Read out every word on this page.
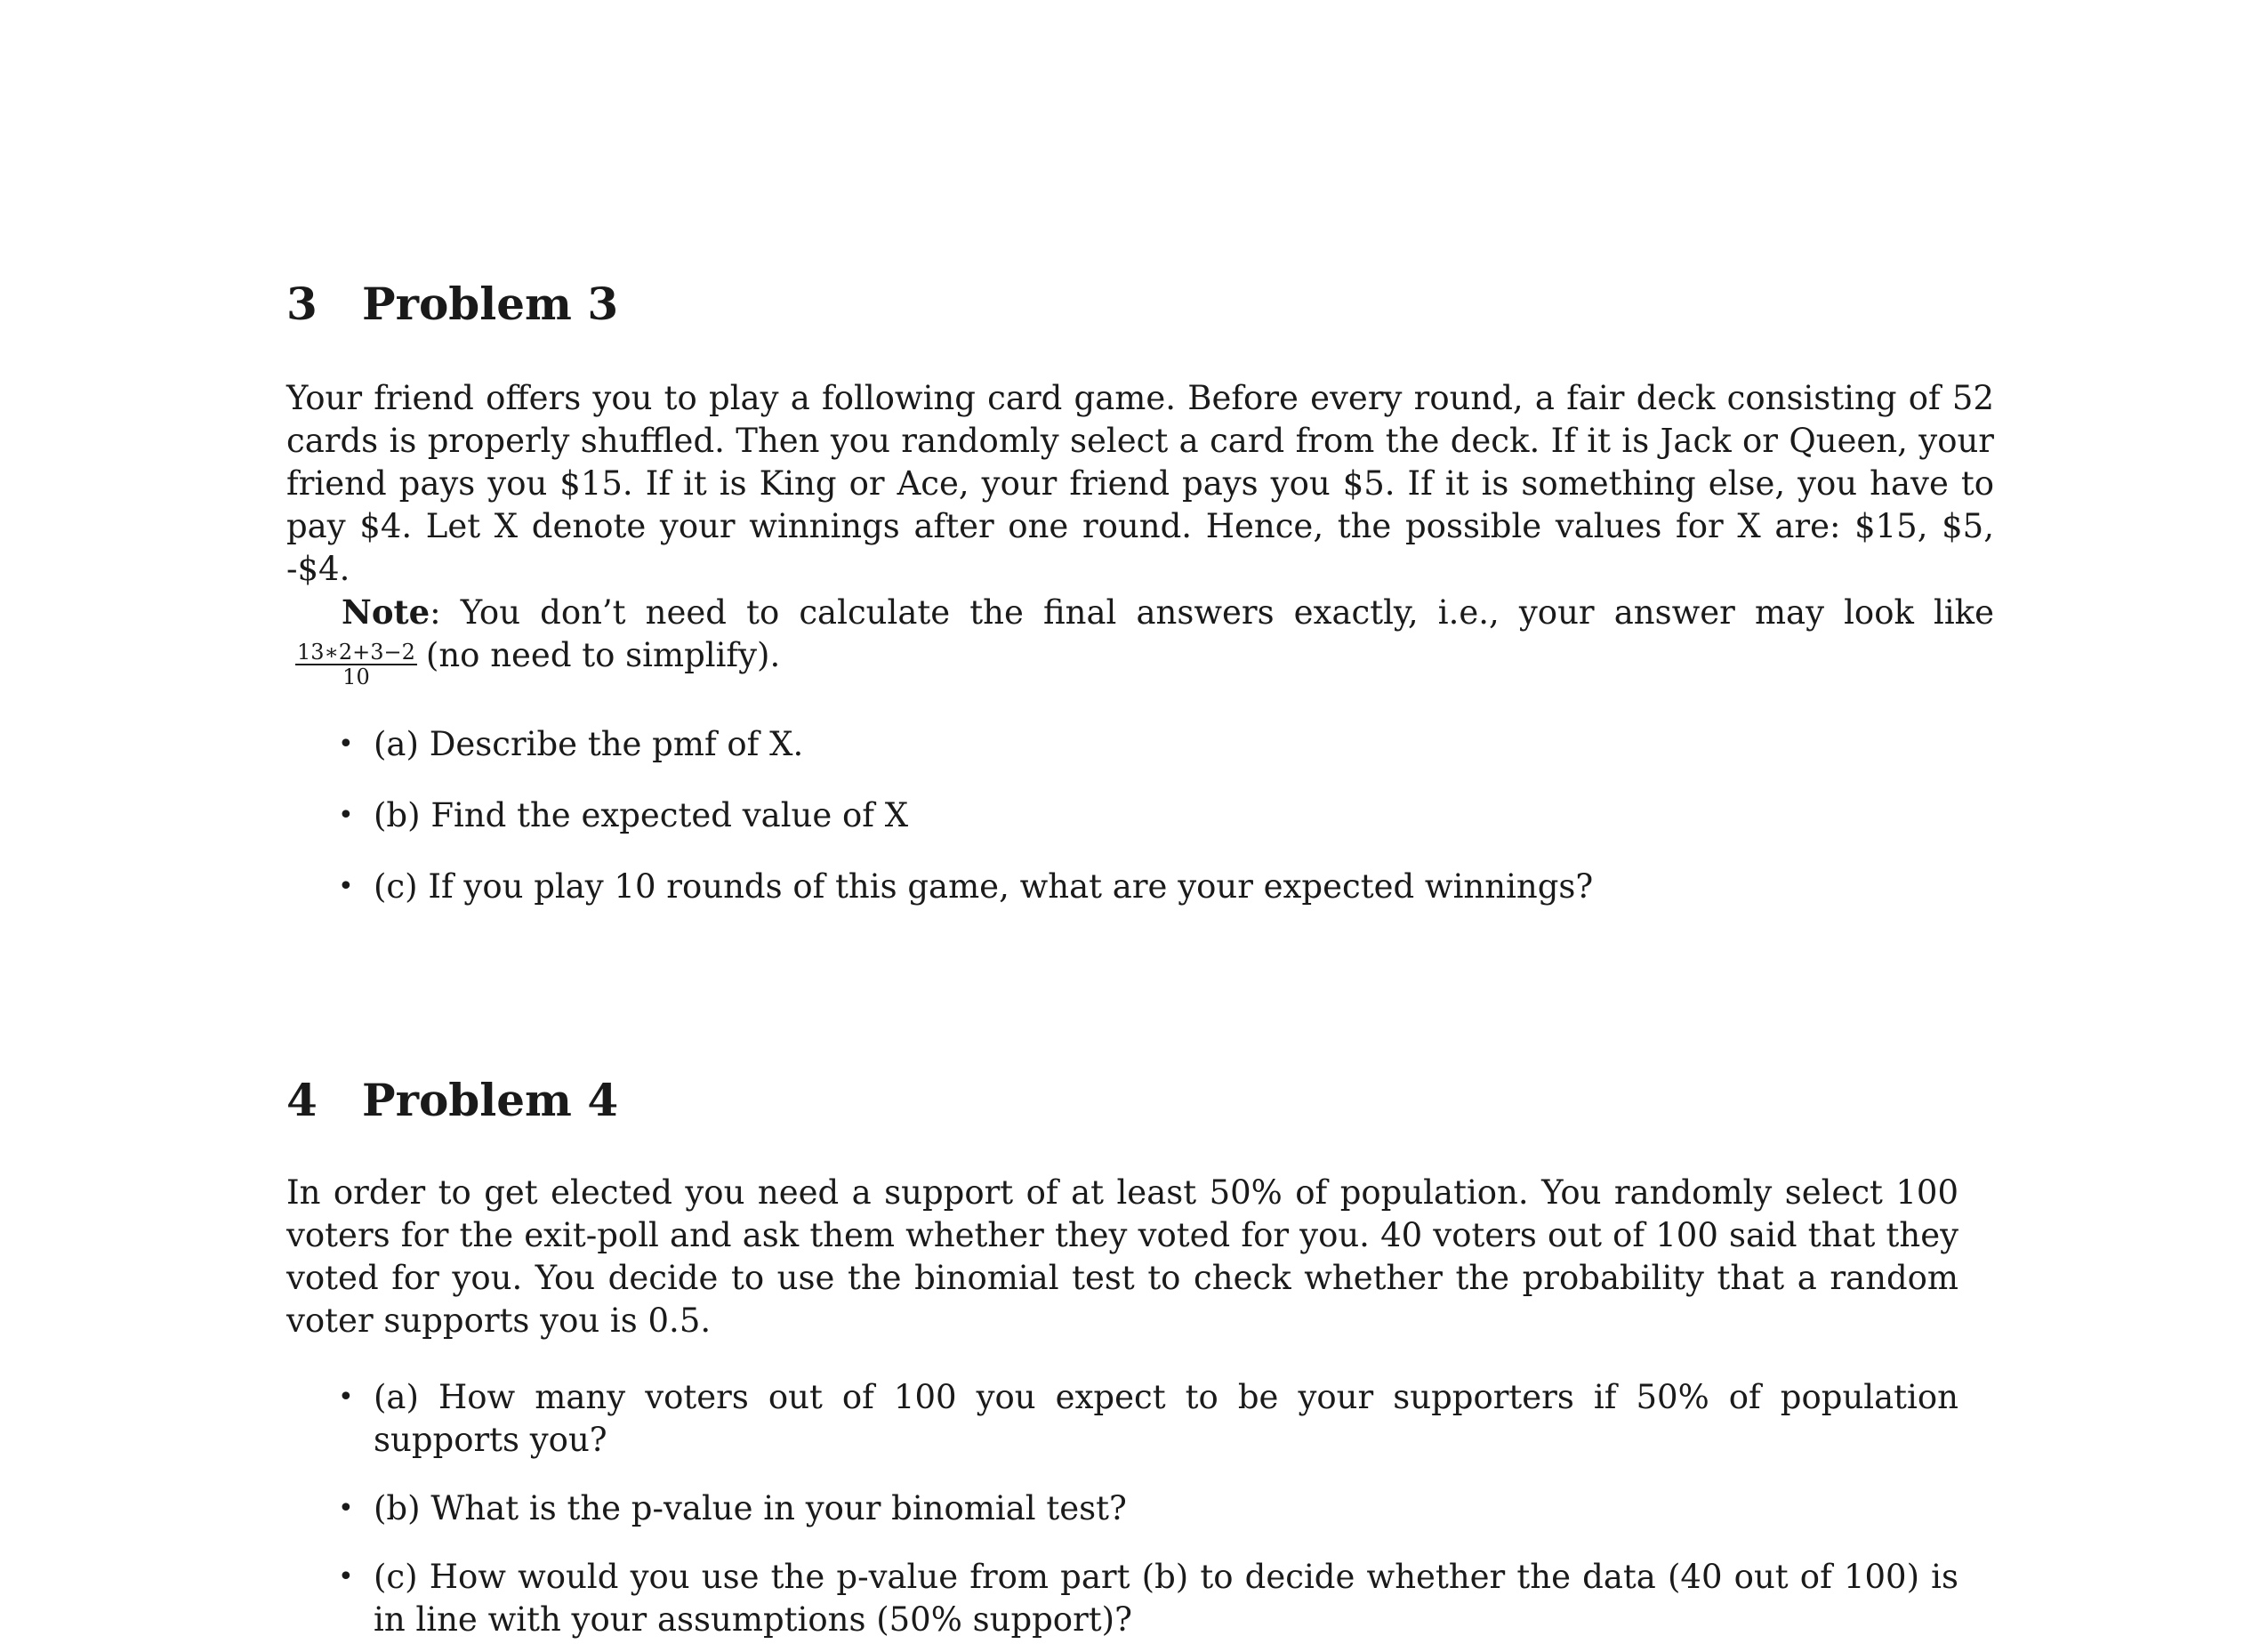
3	Problem 3

Your friend offers you to play a following card game. Before every round, a fair deck consisting of 52 cards is properly shuffled. Then you randomly select a card from the deck. If it is Jack or Queen, your friend pays you $15. If it is King or Ace, your friend pays you $5. If it is something else, you have to pay $4. Let X denote your winnings after one round. Hence, the possible values for X are: $15, $5, -$4.

Note: You don’t need to calculate the final answers exactly, i.e., your answer may look like
$\frac{13∗2+3-2}{10} (no$ need to simplify).

• (a) Describe the pmf of X.
• (b) Find the expected value of X
• (c) If you play 10 rounds of this game, what are your expected winnings?
4	Problem 4

In order to get elected you need a support of at least 50% of population. You randomly select 100 voters for the exit-poll and ask them whether they voted for you. 40 voters out of 100 said that they voted for you. You decide to use the binomial test to check whether the probability that a random voter supports you is 0.5.

• (a) How many voters out of 100 you expect to be your supporters if 50% of population supports you?
• (b) What is the p-value in your binomial test?
• (c) How would you use the p-value from part (b) to decide whether the data (40 out of 100) is in line with your assumptions (50% support)?
